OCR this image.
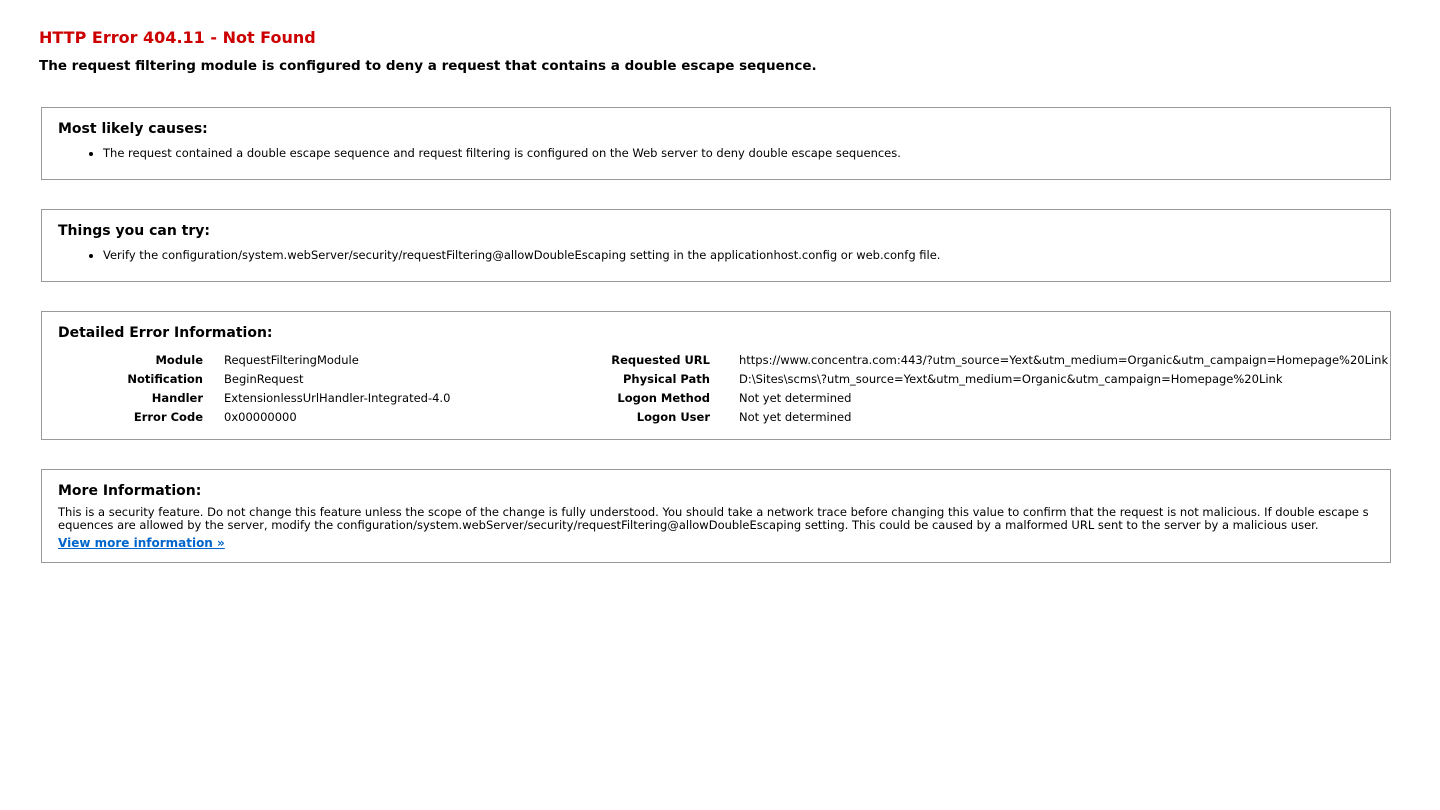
HTTP Error 404.11 - Not Found
The request filtering module is configured to deny a request that contains a double escape sequence.
Most likely causes:
• The request contained a double escape sequence and request filtering is configured on the Web server to deny double escape sequences.
Things you can try:
• Verify the configuration/system.webServer/security/requestFiltering@allowDoubleEscaping setting in the applicationhost.config or web.confg file.
Detailed Error Information:
Module RequestFilteringModule	Requested URL	https://www.concentra.com:443/?utm_source=Yext&utm_medium=Organic&utm_campaign=Homepage%20Link
Notification BeginRequest	Physical Path	D:\Sites\scms\?utm_source=Yext&utm_medium=Organic&utm_campaign=Homepage%20Link
Handler ExtensionlessUrlHandler-Integrated-4.0	Logon Method	Not yet determined
Error Code 0x00000000	Logon User	Not yet determined
More Information:
This is a security feature. Do not change this feature unless the scope of the change is fully understood. You should take a network trace before changing this value to confirm that the request is not malicious. If double escape sequences are allowed by the server, modify the configuration/system.webServer/security/requestFiltering@allowDoubleEscaping setting. This could be caused by a malformed URL sent to the server by a malicious user.
View more information »
